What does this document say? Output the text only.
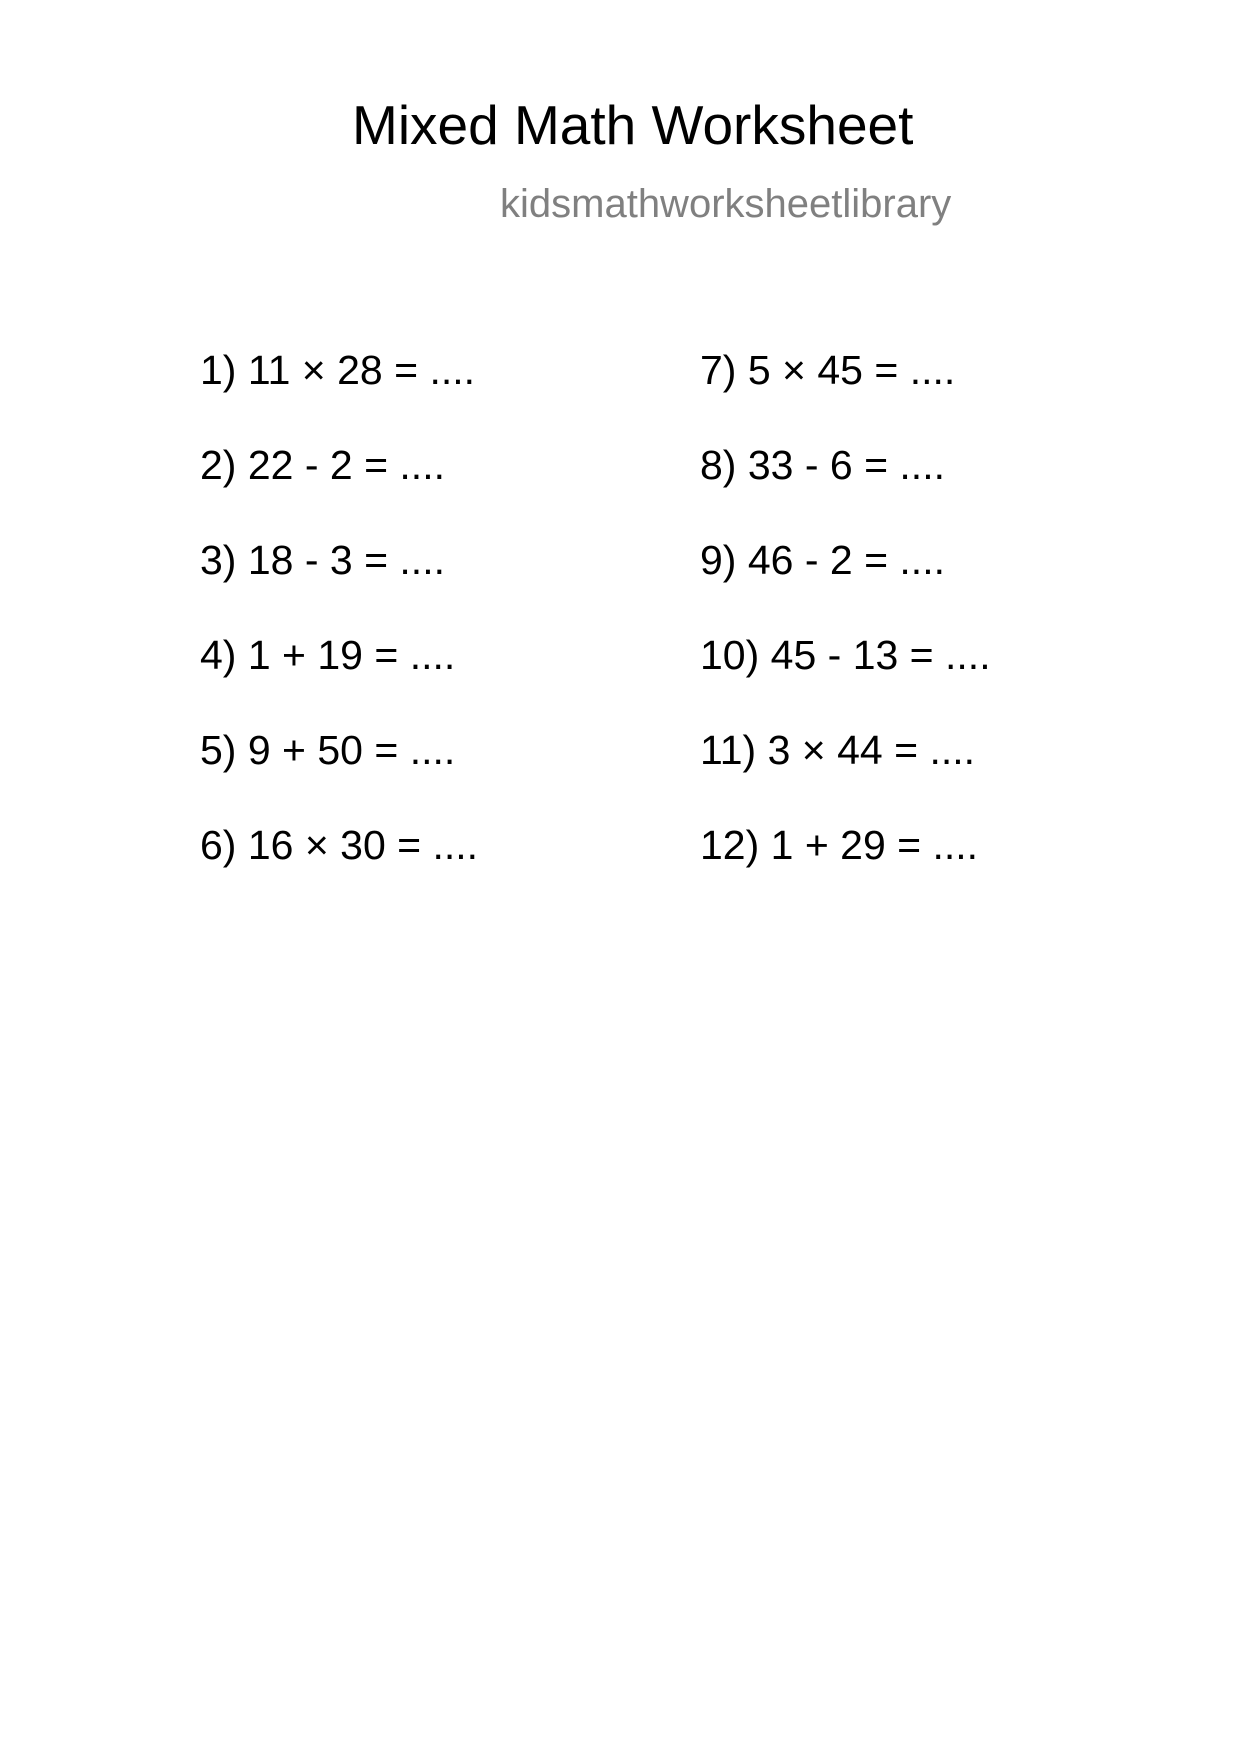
Mixed Math Worksheet
kidsmathworksheetlibrary
1) 11 × 28 = ....
2) 22 - 2 = ....
3) 18 - 3 = ....
4) 1 + 19 = ....
5) 9 + 50 = ....
6) 16 × 30 = ....
7) 5 × 45 = ....
8) 33 - 6 = ....
9) 46 - 2 = ....
10) 45 - 13 = ....
11) 3 × 44 = ....
12) 1 + 29 = ....
